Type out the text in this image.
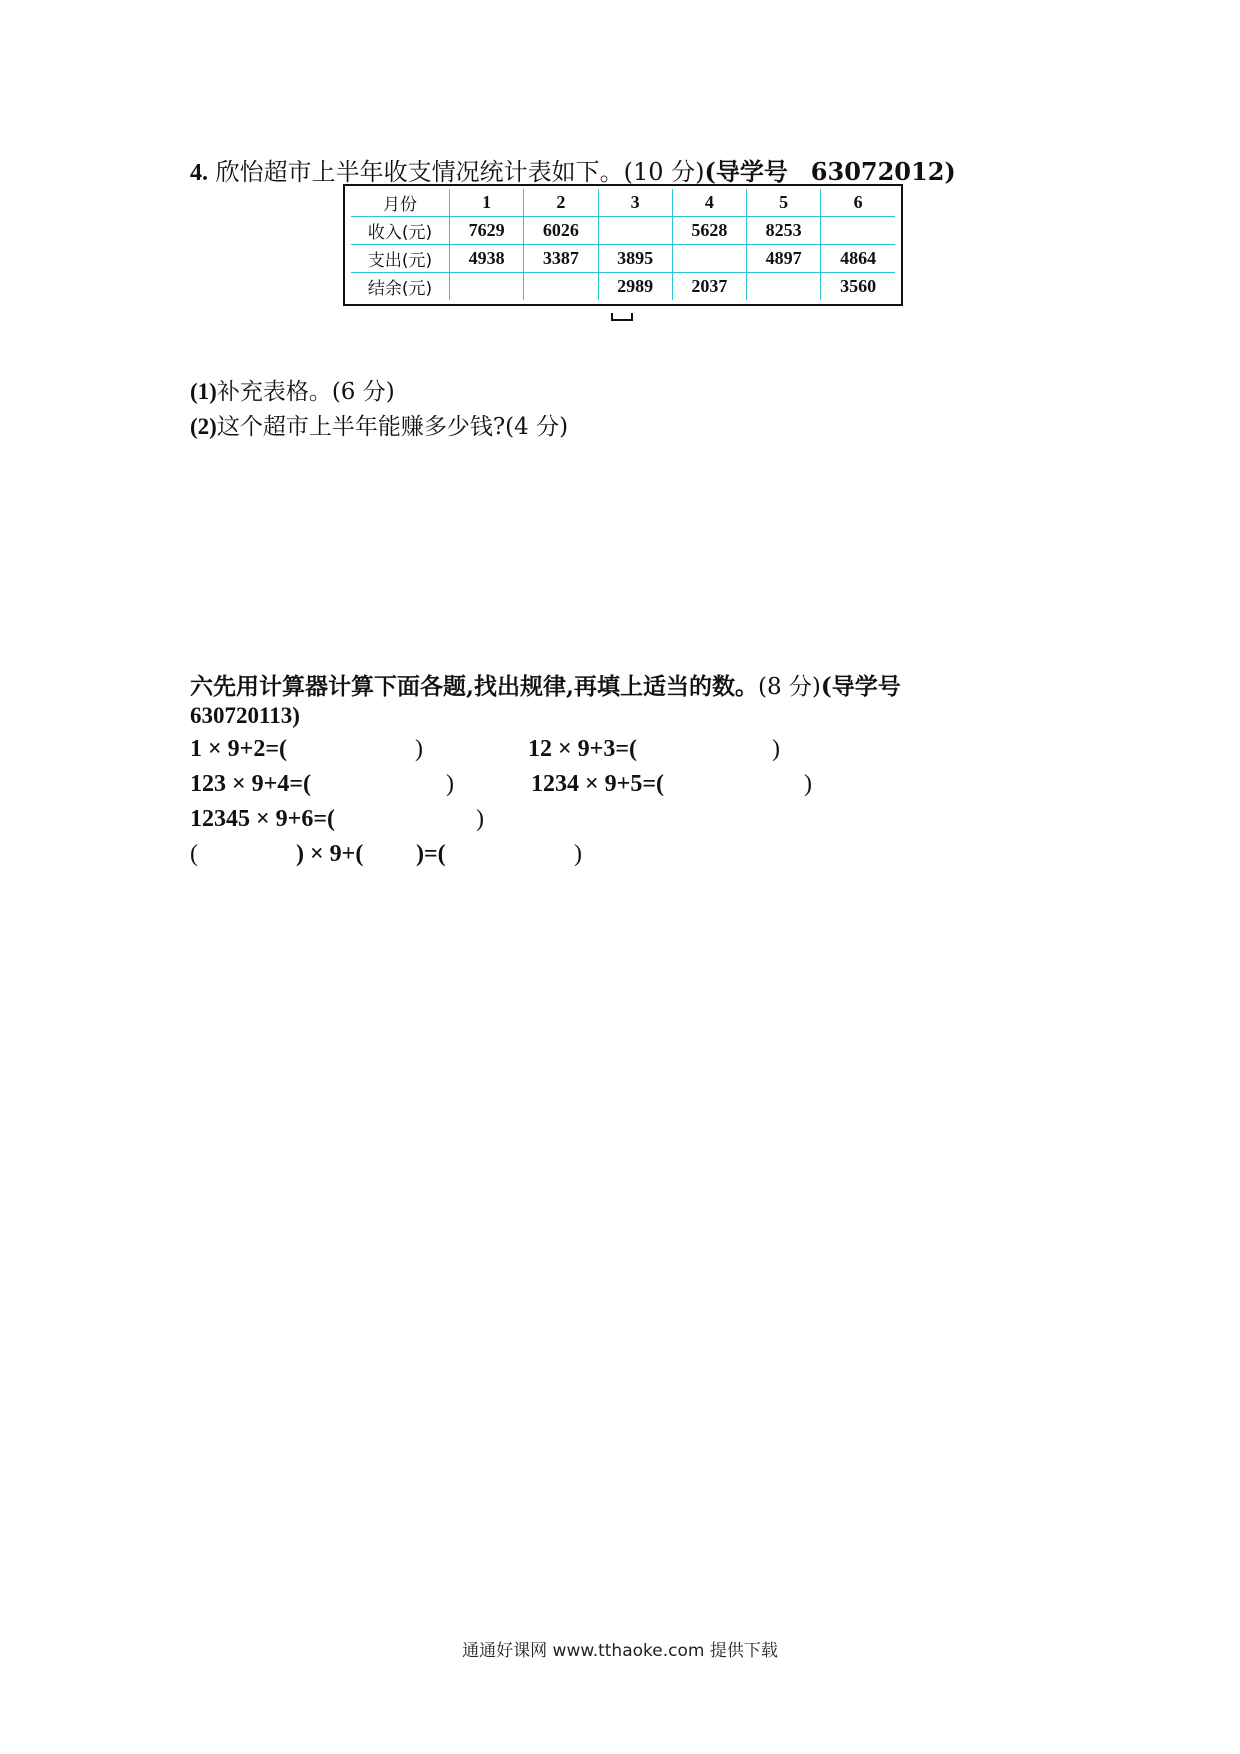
4. 欣怡超市上半年收支情况统计表如下。(10 分)(导学号 63072012)
月份	1	2	3	4	5	6
收入(元)	7629	6026		5628	8253	
支出(元)	4938	3387	3895		4897	4864
结余(元)			2989	2037		3560
(1)补充表格。(6 分)
(2)这个超市上半年能赚多少钱?(4 分)
六先用计算器计算下面各题,找出规律,再填上适当的数。(8 分)(导学号
630720113)
1 × 9+2=(	)	12 × 9+3=(	)
123 × 9+4=(	)	1234 × 9+5=(	)
12345 × 9+6=(	)
(	) × 9+( )=(	)
通通好课网 www.tthaoke.com 提供下载
